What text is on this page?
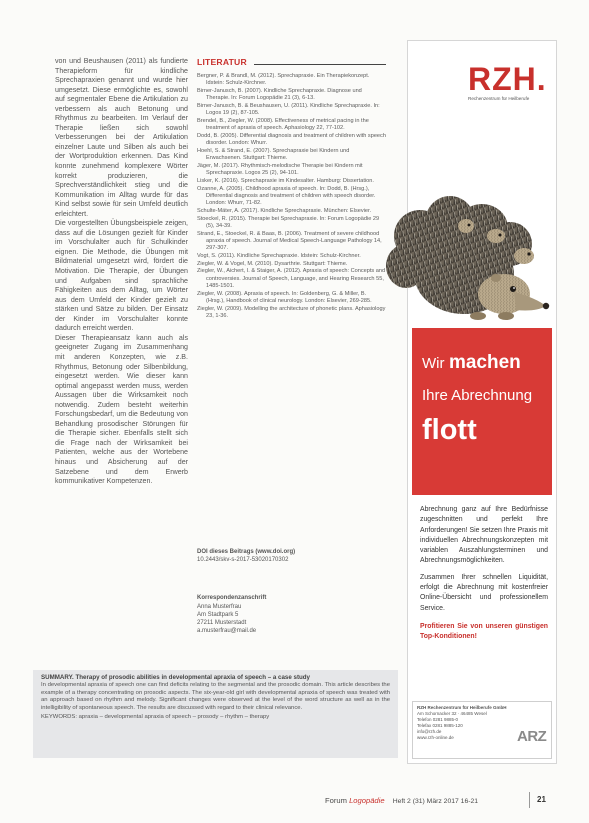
von und Beushausen (2011) als fundierte Therapieform für kindliche Sprechapraxien genannt und wurde hier umgesetzt. Diese ermöglichte es, sowohl auf segmentaler Ebene die Artikulation zu verbessern als auch Betonung und Rhythmus zu bearbeiten. Im Verlauf der Therapie ließen sich sowohl Verbesserungen bei der Artikulation einzelner Laute und Silben als auch bei der Wortproduktion erkennen. Das Kind konnte zunehmend komplexere Wörter korrekt produzieren, die Sprechverständlichkeit stieg und die Kommunikation im Alltag wurde für das Kind selbst sowie für sein Umfeld deutlich erleichtert.

Die vorgestellten Übungsbeispiele zeigen, dass auf die Lösungen gezielt für Kinder im Vorschulalter auch für Schulkinder eignen. Die Methode, die Übungen mit Bildmaterial umgesetzt wird, fördert die Motivation. Die Therapie, der Übungen und Aufgaben sind sprachliche Fähigkeiten aus dem Alltag, um Wörter aus dem Umfeld der Kinder gezielt zu stärken und Sätze zu bilden. Der Einsatz der Kinder im Vorschulalter konnte dadurch erreicht werden.

Dieser Therapieansatz kann auch als geeigneter Zugang im Zusammenhang mit anderen Konzepten, wie z.B. Rhythmus, Betonung oder Silbenbildung, eingesetzt werden. Wie dieser kann optimal angepasst werden muss, werden Aussagen über die Wirksamkeit noch notwendig. Zudem besteht weiterhin Forschungsbedarf, um die Bedeutung von Behandlung prosodischer Störungen für die Therapie sicher. Ebenfalls stellt sich die Frage nach der Wirksamkeit bei Patienten, welche aus der Wortebene hinaus und Absicherung auf der Satzebene und dem Erwerb kommunikativer Kompetenzen.

LITERATUR
Bergner, P. & Brandl, M. (2012). Sprechapraxie. Ein Therapiekonzept. Idstein: Schulz-Kirchner.
Birner-Janusch, B. (2007). Kindliche Sprechapraxie. Diagnose und Therapie. In: Forum Logopädie 21 (3), 6-13.
Birner-Janusch, B. & Beushausen, U. (2011). Kindliche Sprechapraxie. In: Logos 19 (2), 87-105.
Brendel, B., Ziegler, W. (2008). Effectiveness of metrical pacing in the treatment of apraxia of speech. Aphasiology 22, 77-102.
Dodd, B. (2005). Differential diagnosis and treatment of children with speech disorder. London: Whurr.
Hoehl, S. & Strand, E. (2007). Sprechapraxie bei Kindern und Erwachsenen. Stuttgart: Thieme.
Jäger, M. (2017). Rhythmisch-melodische Therapie bei Kindern mit Sprechapraxie. Logos 25 (2), 94-101.
Lisker, K. (2016). Sprechapraxie im Kindesalter. Hamburg: Dissertation.
Ozanne, A. (2005). Childhood apraxia of speech. In: Dodd, B. (Hrsg.), Differential diagnosis and treatment of children with speech disorder. London: Whurr, 71-82.
Schulte-Mäter, A. (2017). Kindliche Sprechapraxie. München: Elsevier.
Stoeckel, R. (2015). Therapie bei Sprechapraxie. In: Forum Logopädie 29 (5), 34-39.
Strand, E., Stoeckel, R. & Baas, B. (2006). Treatment of severe childhood apraxia of speech. Journal of Medical Speech-Language Pathology 14, 297-307.
Vogt, S. (2011). Kindliche Sprechapraxie. Idstein: Schulz-Kirchner.
Ziegler, W. & Vogel, M. (2010). Dysarthrie. Stuttgart: Thieme.
Ziegler, W., Aichert, I. & Staiger, A. (2012). Apraxia of speech: Concepts and controversies. Journal of Speech, Language, and Hearing Research 55, 1485-1501.
Ziegler, W. (2008). Apraxia of speech. In: Goldenberg, G. & Miller, B. (Hrsg.), Handbook of clinical neurology. London: Elsevier, 269-285.
Ziegler, W. (2009). Modelling the architecture of phonetic plans. Aphasiology 23, 1-36.
DOI dieses Beitrags (www.doi.org)
10.2443/skv-s-2017-53020170302
Korrespondenzanschrift
Anna Musterfrau
Am Stadtpark 5
27211 Musterstadt
a.musterfrau@mail.de
SUMMARY. Therapy of prosodic abilities in developmental apraxia of speech – a case study
In developmental apraxia of speech one can find deficits relating to the segmental and the prosodic domain. This article describes the example of a therapy concentrating on prosodic aspects. The six-year-old girl with developmental apraxia of speech was treated with an approach based on rhythm and melody. Significant changes were observed at the level of the word structure as well as in the intelligibility of spontaneous speech. The results are discussed with regard to their clinical relevance.
KEYWORDS: apraxia – developmental apraxia of speech – prosody – rhythm – therapy
RZH.
Rechenzentrum für Heilberufe
Wir machen
Ihre Abrechnung
flott
Abrechnung ganz auf Ihre Bedürfnisse zugeschnitten und perfekt Ihre Anforderungen! Sie setzen Ihre Praxis mit individuellen Abrechnungskonzepten mit variablen Auszahlungsterminen und Abrechnungsmöglichkeiten.
Zusammen Ihrer schnellen Liquidität, erfolgt die Abrechnung mit kostenfreier Online-Übersicht und professionellem Service.
Profitieren Sie von unseren günstigen Top-Konditionen!
RZH Rechenzentrum für Heilberufe GmbH
Am Schornacker 32 · 46485 Wesel
Telefon 0281 9885-0
Telefax 0281 9885-120
info@rzh.de
www.rzh-online.de	ARZ
Forum Logopädie Heft 2 (31) März 2017 16-21	21
